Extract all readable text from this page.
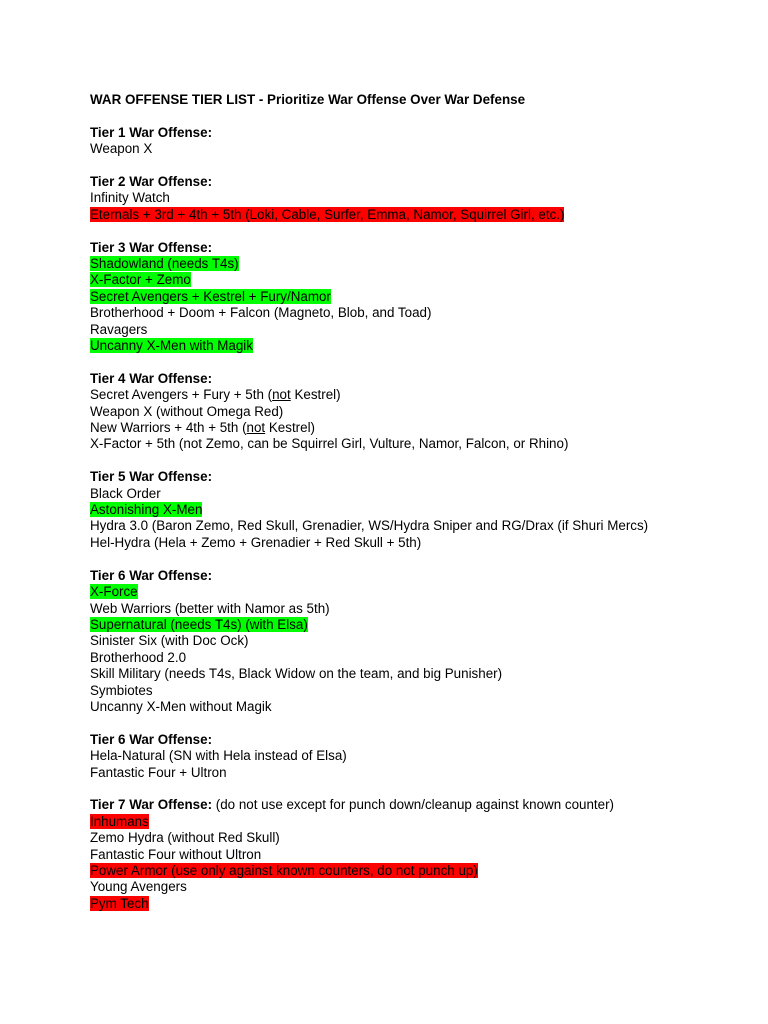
WAR OFFENSE TIER LIST - Prioritize War Offense Over War Defense
Tier 1 War Offense:
Weapon X
Tier 2 War Offense:
Infinity Watch
Eternals + 3rd + 4th + 5th (Loki, Cable, Surfer, Emma, Namor, Squirrel Girl, etc.)
Tier 3 War Offense:
Shadowland (needs T4s)
X-Factor + Zemo
Secret Avengers + Kestrel + Fury/Namor
Brotherhood + Doom + Falcon (Magneto, Blob, and Toad)
Ravagers
Uncanny X-Men with Magik
Tier 4 War Offense:
Secret Avengers + Fury + 5th (not Kestrel)
Weapon X (without Omega Red)
New Warriors + 4th + 5th (not Kestrel)
X-Factor + 5th (not Zemo, can be Squirrel Girl, Vulture, Namor, Falcon, or Rhino)
Tier 5 War Offense:
Black Order
Astonishing X-Men
Hydra 3.0 (Baron Zemo, Red Skull, Grenadier, WS/Hydra Sniper and RG/Drax (if Shuri Mercs)
Hel-Hydra (Hela + Zemo + Grenadier + Red Skull + 5th)
Tier 6 War Offense:
X-Force
Web Warriors (better with Namor as 5th)
Supernatural (needs T4s) (with Elsa)
Sinister Six (with Doc Ock)
Brotherhood 2.0
Skill Military (needs T4s, Black Widow on the team, and big Punisher)
Symbiotes
Uncanny X-Men without Magik
Tier 6 War Offense:
Hela-Natural (SN with Hela instead of Elsa)
Fantastic Four + Ultron
Tier 7 War Offense: (do not use except for punch down/cleanup against known counter)
Inhumans
Zemo Hydra (without Red Skull)
Fantastic Four without Ultron
Power Armor (use only against known counters, do not punch up)
Young Avengers
Pym Tech
